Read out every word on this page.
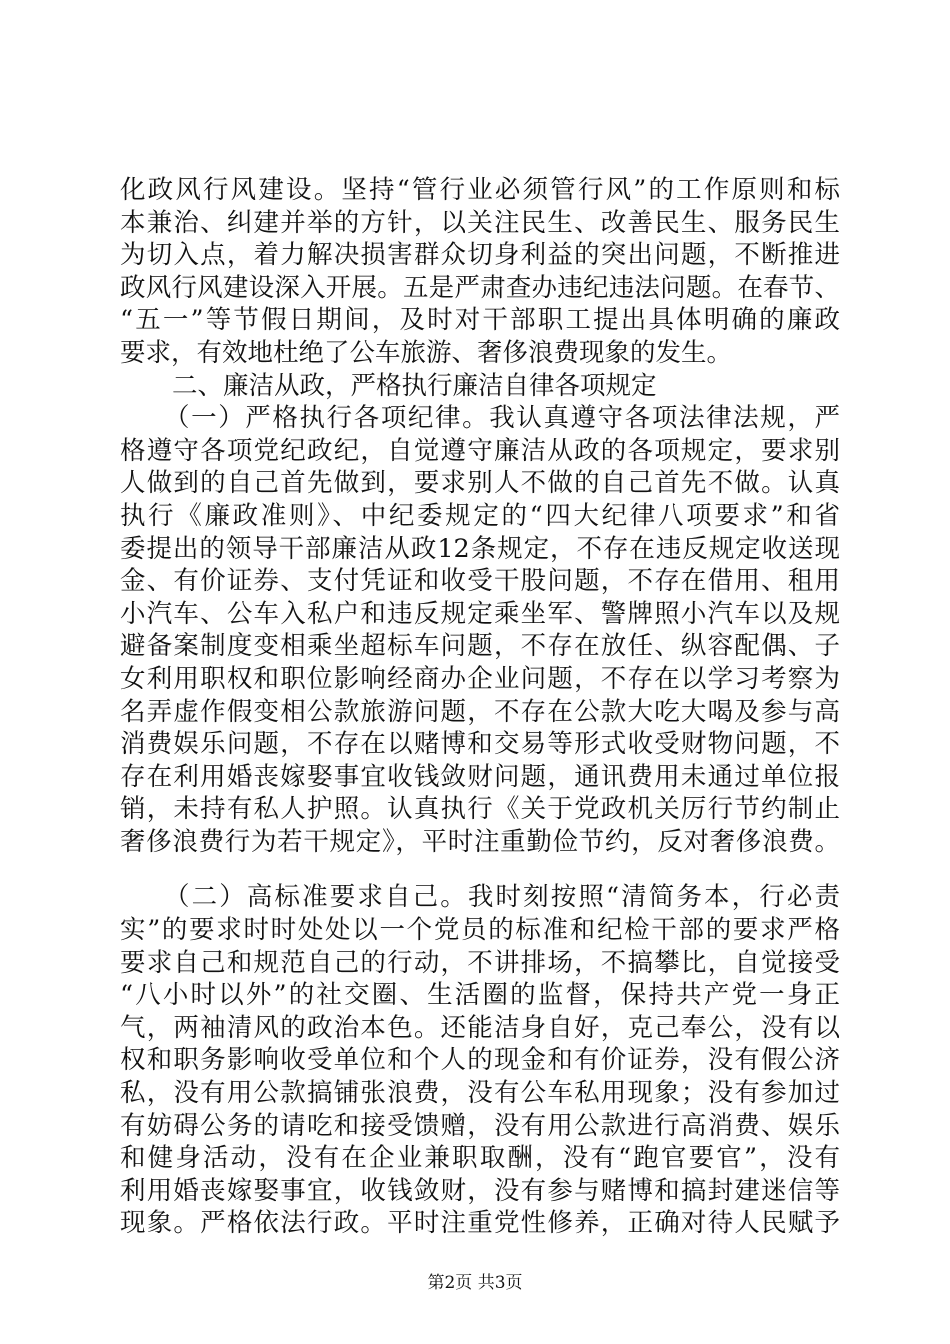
化政风行风建设。坚持“管行业必须管行风”的工作原则和标
本兼治、纠建并举的方针，以关注民生、改善民生、服务民生
为切入点，着力解决损害群众切身利益的突出问题，不断推进
政风行风建设深入开展。五是严肃查办违纪违法问题。在春节、
“五一”等节假日期间，及时对干部职工提出具体明确的廉政
要求，有效地杜绝了公车旅游、奢侈浪费现象的发生。
二、廉洁从政，严格执行廉洁自律各项规定
（一）严格执行各项纪律。我认真遵守各项法律法规，严
格遵守各项党纪政纪，自觉遵守廉洁从政的各项规定，要求别
人做到的自己首先做到，要求别人不做的自己首先不做。认真
执行《廉政准则》、中纪委规定的“四大纪律八项要求”和省
委提出的领导干部廉洁从政12条规定，不存在违反规定收送现
金、有价证券、支付凭证和收受干股问题，不存在借用、租用
小汽车、公车入私户和违反规定乘坐军、警牌照小汽车以及规
避备案制度变相乘坐超标车问题，不存在放任、纵容配偶、子
女利用职权和职位影响经商办企业问题，不存在以学习考察为
名弄虚作假变相公款旅游问题，不存在公款大吃大喝及参与高
消费娱乐问题，不存在以赌博和交易等形式收受财物问题，不
存在利用婚丧嫁娶事宜收钱敛财问题，通讯费用未通过单位报
销，未持有私人护照。认真执行《关于党政机关厉行节约制止
奢侈浪费行为若干规定》，平时注重勤俭节约，反对奢侈浪费。
（二）高标准要求自己。我时刻按照“清简务本，行必责
实”的要求时时处处以一个党员的标准和纪检干部的要求严格
要求自己和规范自己的行动，不讲排场，不搞攀比，自觉接受
“八小时以外”的社交圈、生活圈的监督，保持共产党一身正
气，两袖清风的政治本色。还能洁身自好，克己奉公，没有以
权和职务影响收受单位和个人的现金和有价证券，没有假公济
私，没有用公款搞铺张浪费，没有公车私用现象；没有参加过
有妨碍公务的请吃和接受馈赠，没有用公款进行高消费、娱乐
和健身活动，没有在企业兼职取酬，没有“跑官要官”，没有
利用婚丧嫁娶事宜，收钱敛财，没有参与赌博和搞封建迷信等
现象。严格依法行政。平时注重党性修养，正确对待人民赋予
第2页 共3页
